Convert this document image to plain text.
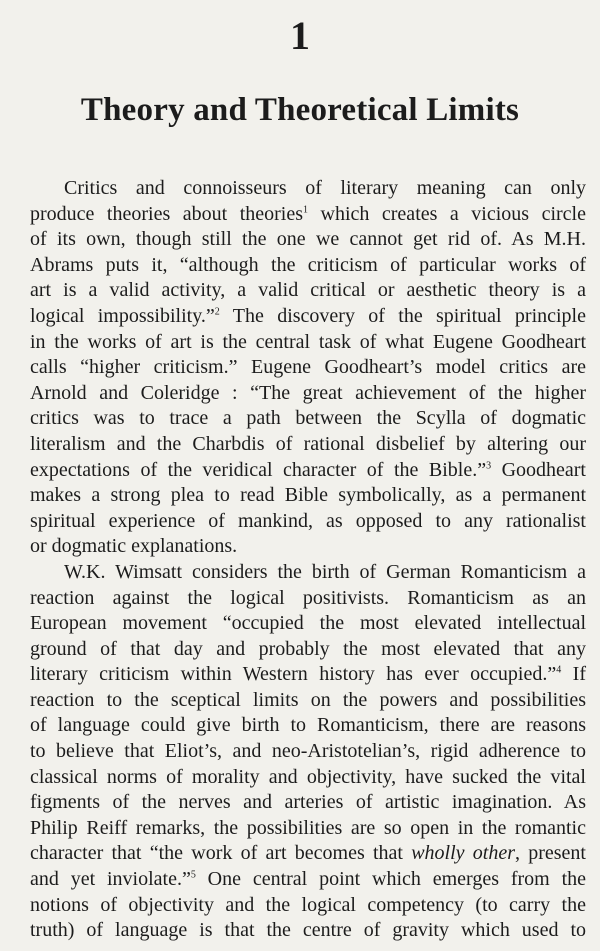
1
Theory and Theoretical Limits
Critics and connoisseurs of literary meaning can only
produce theories about theories$^1$ which creates a vicious circle
of its own, though still the one we cannot get rid of. As M.H.
Abrams puts it, “although the criticism of particular works of
art is a valid activity, a valid critical or aesthetic theory is a
logical impossibility.”$^2$ The discovery of the spiritual principle
in the works of art is the central task of what Eugene Goodheart
calls “higher criticism.” Eugene Goodheart’s model critics are
Arnold and Coleridge : “The great achievement of the higher
critics was to trace a path between the Scylla of dogmatic
literalism and the Charbdis of rational disbelief by altering our
expectations of the veridical character of the Bible.”$^3$ Goodheart
makes a strong plea to read Bible symbolically, as a permanent
spiritual experience of mankind, as opposed to any rationalist
or dogmatic explanations.
W.K. Wimsatt considers the birth of German Romanticism a
reaction against the logical positivists. Romanticism as an
European movement “occupied the most elevated intellectual
ground of that day and probably the most elevated that any
literary criticism within Western history has ever occupied.”$^4$ If
reaction to the sceptical limits on the powers and possibilities
of language could give birth to Romanticism, there are reasons
to believe that Eliot’s, and neo-Aristotelian’s, rigid adherence to
classical norms of morality and objectivity, have sucked the vital
figments of the nerves and arteries of artistic imagination. As
Philip Reiff remarks, the possibilities are so open in the romantic
character that “the work of art becomes that wholly other, present
and yet inviolate.”$^5$ One central point which emerges from the
notions of objectivity and the logical competency (to carry the
truth) of language is that the centre of gravity which used to
